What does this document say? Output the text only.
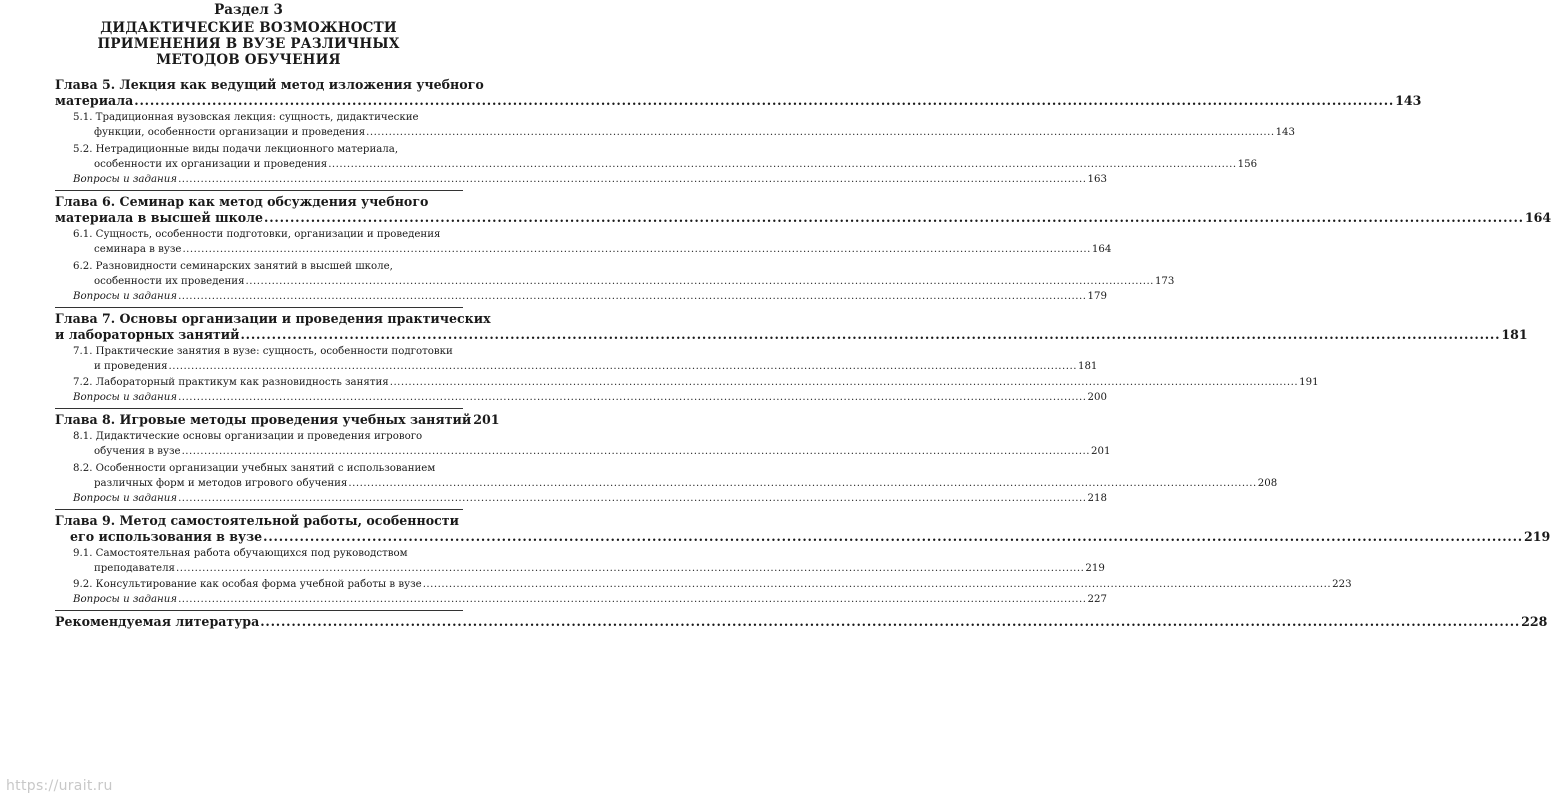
Раздел 3
ДИДАКТИЧЕСКИЕ ВОЗМОЖНОСТИ
ПРИМЕНЕНИЯ В ВУЗЕ РАЗЛИЧНЫХ
МЕТОДОВ ОБУЧЕНИЯ
Глава 5. Лекция как ведущий метод изложения учебного
материала .....	143
5.1. Традиционная вузовская лекция: сущность, дидактические
функции, особенности организации и проведения .....	143
5.2. Нетрадиционные виды подачи лекционного материала,
особенности их организации и проведения .....	156
Вопросы и задания .....	163
Глава 6. Семинар как метод обсуждения учебного
материала в высшей школе .....	164
6.1. Сущность, особенности подготовки, организации и проведения
семинара в вузе .....	164
6.2. Разновидности семинарских занятий в высшей школе,
особенности их проведения .....	173
Вопросы и задания .....	179
Глава 7. Основы организации и проведения практических
и лабораторных занятий .....	181
7.1. Практические занятия в вузе: сущность, особенности подготовки
и проведения .....	181
7.2. Лабораторный практикум как разновидность занятия .....	191
Вопросы и задания .....	200
Глава 8. Игровые методы проведения учебных занятий 201
8.1. Дидактические основы организации и проведения игрового
обучения в вузе .....	201
8.2. Особенности организации учебных занятий с использованием
различных форм и методов игрового обучения .....	208
Вопросы и задания .....	218
Глава 9. Метод самостоятельной работы, особенности
его использования в вузе .....	219
9.1. Самостоятельная работа обучающихся под руководством
преподавателя .....	219
9.2. Консультирование как особая форма учебной работы в вузе .....	223
Вопросы и задания .....	227
Рекомендуемая литература .....	228
https://urait.ru
